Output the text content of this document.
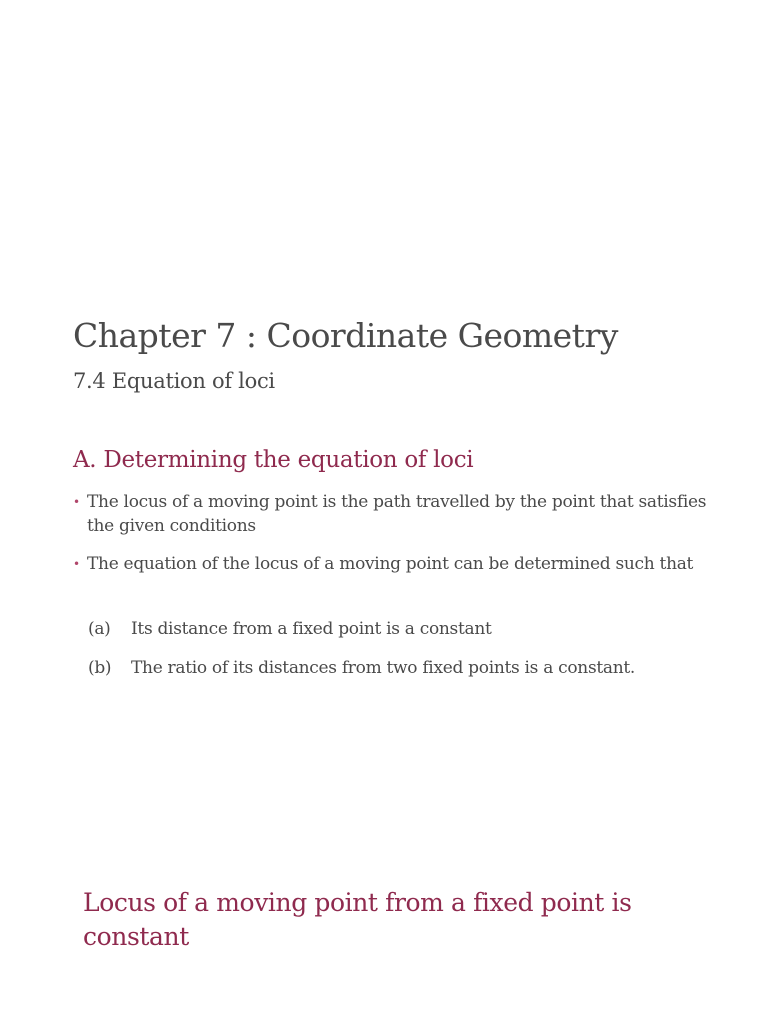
Chapter 7 : Coordinate Geometry
7.4 Equation of loci
A. Determining the equation of loci
• The locus of a moving point is the path travelled by the point that satisfies the given conditions
• The equation of the locus of a moving point can be determined such that
(a)	Its distance from a fixed point is a constant
(b)	The ratio of its distances from two fixed points is a constant.
Locus of a moving point from a fixed point is constant
